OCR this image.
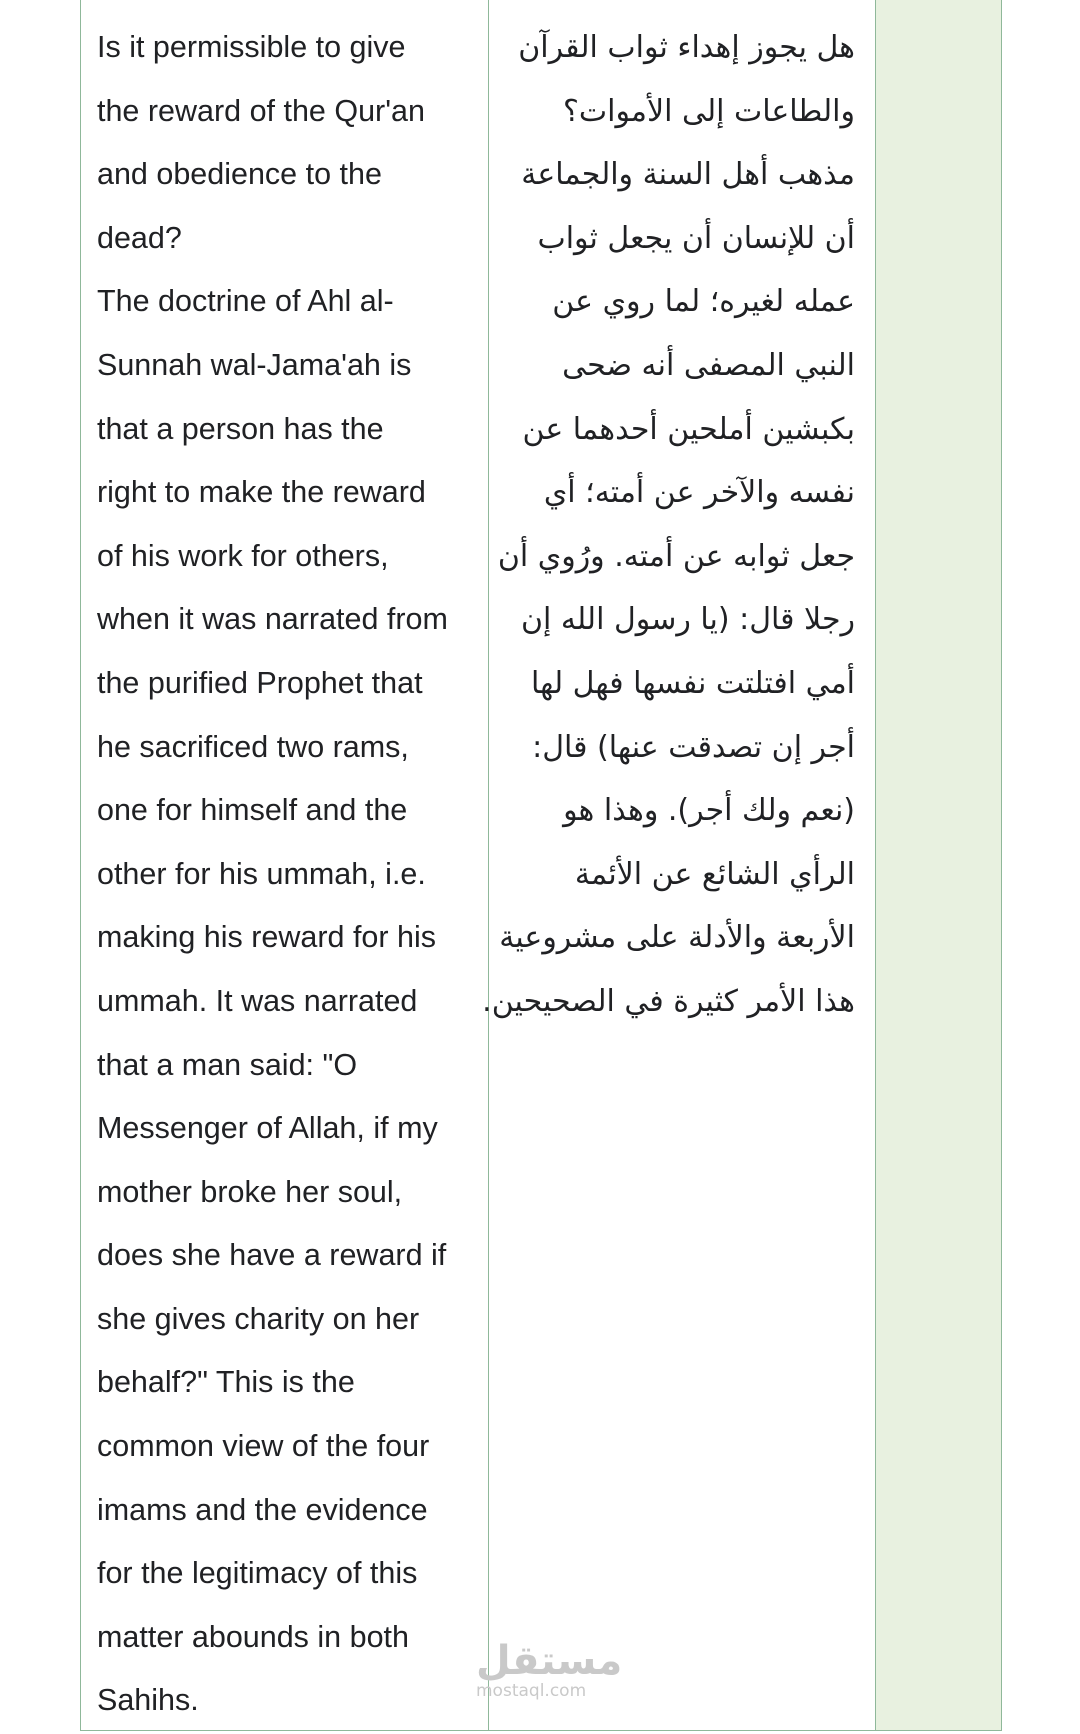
Is it permissible to give
the reward of the Qur'an
and obedience to the
dead?
The doctrine of Ahl al-
Sunnah wal-Jama'ah is
that a person has the
right to make the reward
of his work for others,
when it was narrated from
the purified Prophet that
he sacrificed two rams,
one for himself and the
other for his ummah, i.e.
making his reward for his
ummah. It was narrated
that a man said: "O
Messenger of Allah, if my
mother broke her soul,
does she have a reward if
she gives charity on her
behalf?" This is the
common view of the four
imams and the evidence
for the legitimacy of this
matter abounds in both
Sahihs.

هل يجوز إهداء ثواب القرآن
والطاعات إلى الأموات؟
مذهب أهل السنة والجماعة
أن للإنسان أن يجعل ثواب
عمله لغيره؛ لما روي عن
النبي المصفى أنه ضحى
بكبشين أملحين أحدهما عن
نفسه والآخر عن أمته؛ أي
جعل ثوابه عن أمته. ورُوي أن
رجلا قال: (يا رسول الله إن
أمي افتلتت نفسها فهل لها
أجر إن تصدقت عنها) قال:
(نعم ولك أجر). وهذا هو
الرأي الشائع عن الأئمة
الأربعة والأدلة على مشروعية
هذا الأمر كثيرة في الصحيحين.

مستقل
mostaql.com
